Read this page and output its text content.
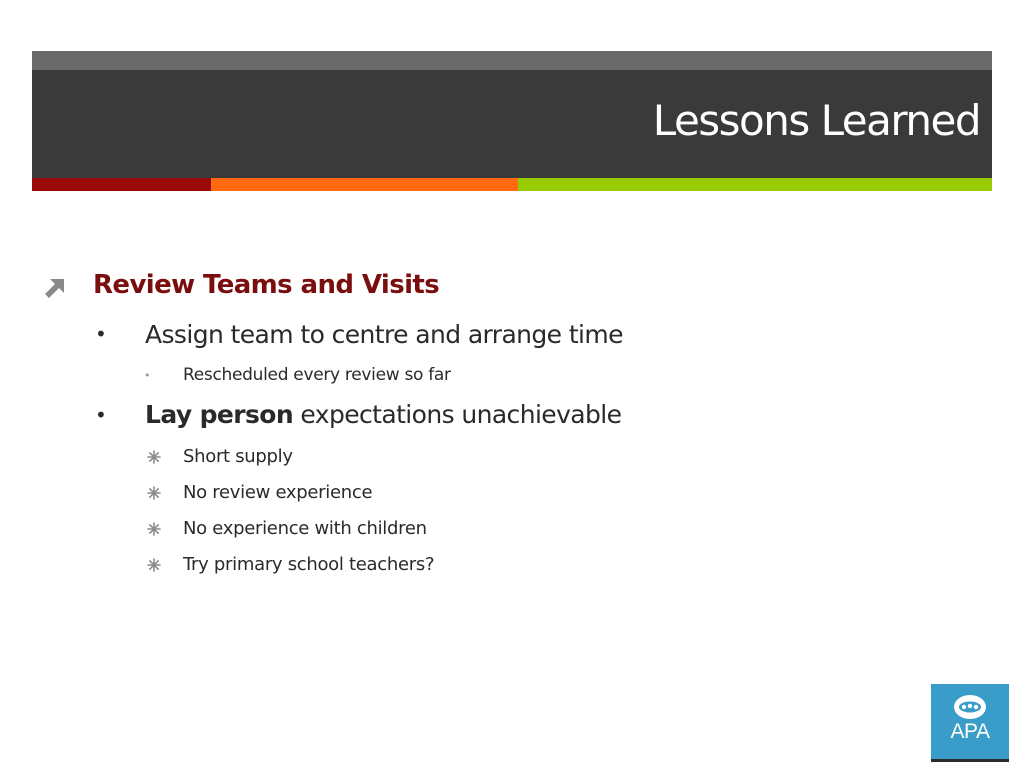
Lessons Learned
Review Teams and Visits
• Assign team to centre and arrange time
• Rescheduled every review so far
• Lay person expectations unachievable
Short supply
No review experience
No experience with children
Try primary school teachers?
APA
